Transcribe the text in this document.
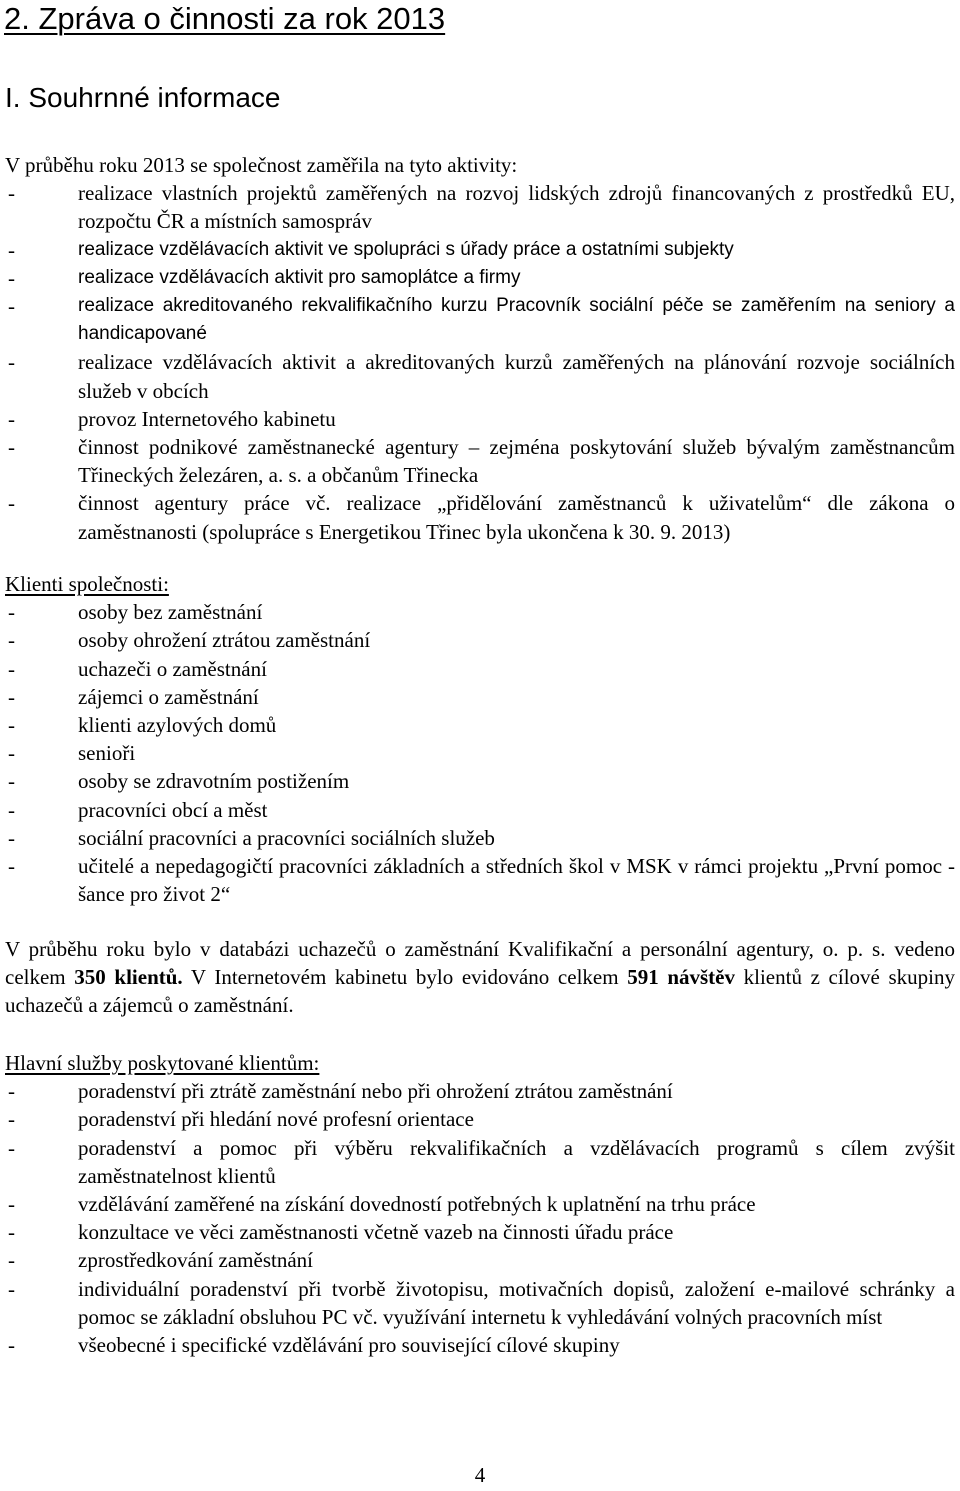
2. Zpráva o činnosti za rok 2013
I. Souhrnné informace
V průběhu roku 2013 se společnost zaměřila na tyto aktivity:
-	realizace vlastních projektů zaměřených na rozvoj lidských zdrojů financovaných z prostředků EU, rozpočtu ČR a místních samospráv
-	realizace vzdělávacích aktivit ve spolupráci s úřady práce a ostatními subjekty
-	realizace vzdělávacích aktivit pro samoplátce a firmy
-	realizace akreditovaného rekvalifikačního kurzu Pracovník sociální péče se zaměřením na seniory a handicapované
-	realizace vzdělávacích aktivit a akreditovaných kurzů zaměřených na plánování rozvoje sociálních služeb v obcích
-	provoz Internetového kabinetu
-	činnost podnikové zaměstnanecké agentury – zejména poskytování služeb bývalým zaměstnancům Třineckých železáren, a. s. a občanům Třinecka
-	činnost agentury práce vč. realizace „přidělování zaměstnanců k uživatelům“ dle zákona o zaměstnanosti (spolupráce s Energetikou Třinec byla ukončena k 30. 9. 2013)
Klienti společnosti:
-	osoby bez zaměstnání
-	osoby ohrožení ztrátou zaměstnání
-	uchazeči o zaměstnání
-	zájemci o zaměstnání
-	klienti azylových domů
-	senioři
-	osoby se zdravotním postižením
-	pracovníci obcí a měst
-	sociální pracovníci a pracovníci sociálních služeb
-	učitelé a nepedagogičtí pracovníci základních a středních škol v MSK v rámci projektu „První pomoc - šance pro život 2“
V průběhu roku bylo v databázi uchazečů o zaměstnání Kvalifikační a personální agentury, o. p. s. vedeno celkem 350 klientů. V Internetovém kabinetu bylo evidováno celkem 591 návštěv klientů z cílové skupiny uchazečů a zájemců o zaměstnání.
Hlavní služby poskytované klientům:
-	poradenství při ztrátě zaměstnání nebo při ohrožení ztrátou zaměstnání
-	poradenství při hledání nové profesní orientace
-	poradenství a pomoc při výběru rekvalifikačních a vzdělávacích programů s cílem zvýšit zaměstnatelnost klientů
-	vzdělávání zaměřené na získání dovedností potřebných k uplatnění na trhu práce
-	konzultace ve věci zaměstnanosti včetně vazeb na činnosti úřadu práce
-	zprostředkování zaměstnání
-	individuální poradenství při tvorbě životopisu, motivačních dopisů, založení e-mailové schránky a pomoc se základní obsluhou PC vč. využívání internetu k vyhledávání volných pracovních míst
-	všeobecné i specifické vzdělávání pro související cílové skupiny
4
